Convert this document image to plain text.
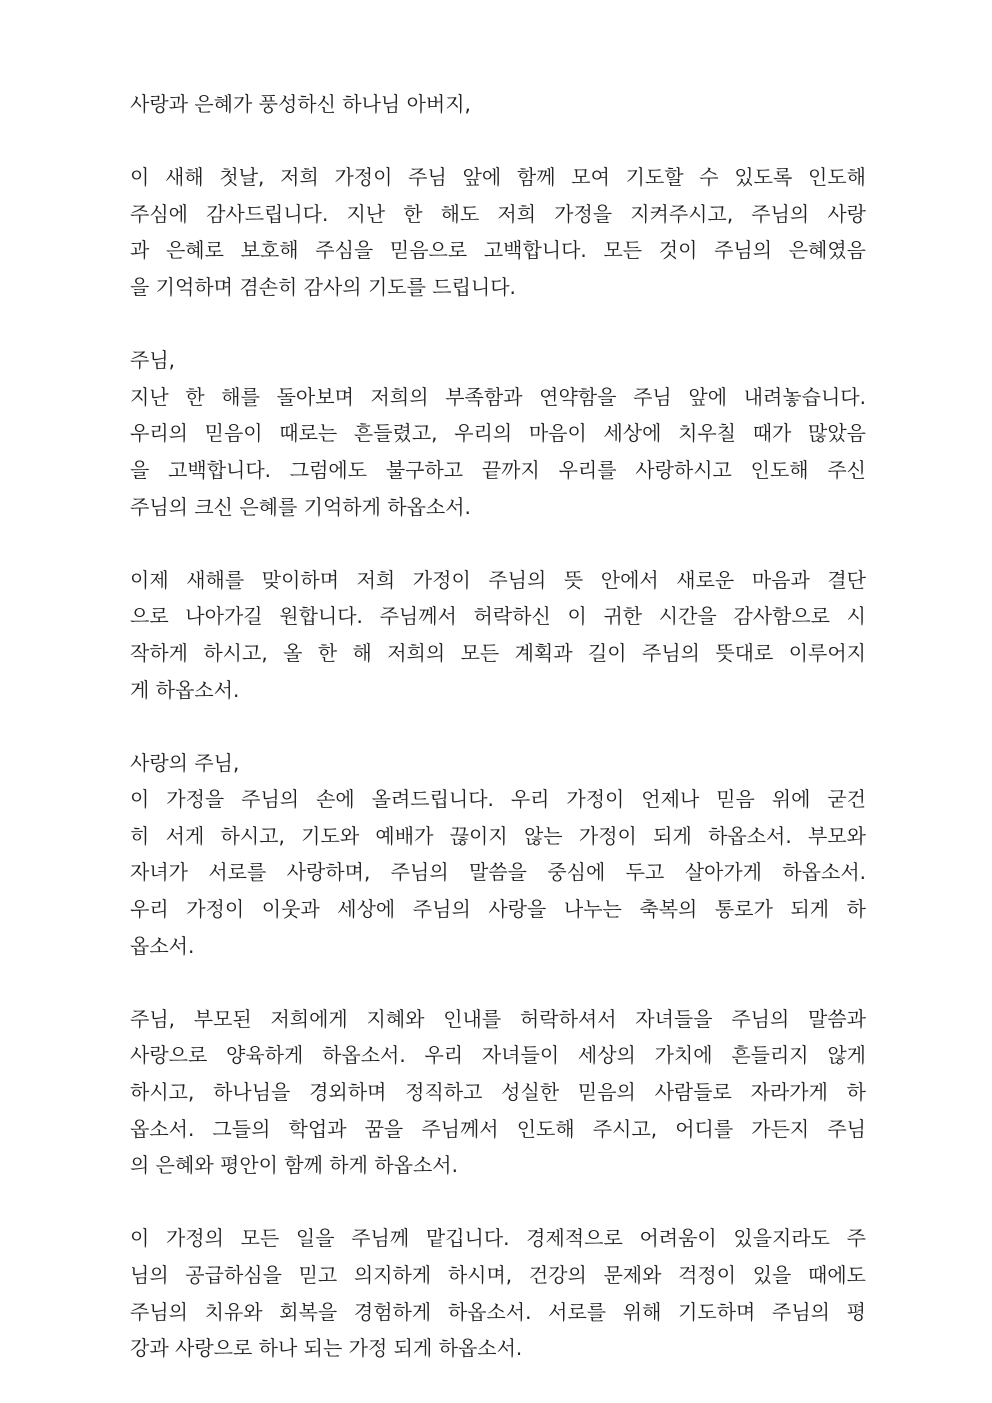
사랑과 은혜가 풍성하신 하나님 아버지,
이 새해 첫날, 저희 가정이 주님 앞에 함께 모여 기도할 수 있도록 인도해
주심에 감사드립니다. 지난 한 해도 저희 가정을 지켜주시고, 주님의 사랑
과 은혜로 보호해 주심을 믿음으로 고백합니다. 모든 것이 주님의 은혜였음
을 기억하며 겸손히 감사의 기도를 드립니다.
주님,
지난 한 해를 돌아보며 저희의 부족함과 연약함을 주님 앞에 내려놓습니다.
우리의 믿음이 때로는 흔들렸고, 우리의 마음이 세상에 치우칠 때가 많았음
을 고백합니다. 그럼에도 불구하고 끝까지 우리를 사랑하시고 인도해 주신
주님의 크신 은혜를 기억하게 하옵소서.
이제 새해를 맞이하며 저희 가정이 주님의 뜻 안에서 새로운 마음과 결단
으로 나아가길 원합니다. 주님께서 허락하신 이 귀한 시간을 감사함으로 시
작하게 하시고, 올 한 해 저희의 모든 계획과 길이 주님의 뜻대로 이루어지
게 하옵소서.
사랑의 주님,
이 가정을 주님의 손에 올려드립니다. 우리 가정이 언제나 믿음 위에 굳건
히 서게 하시고, 기도와 예배가 끊이지 않는 가정이 되게 하옵소서. 부모와
자녀가 서로를 사랑하며, 주님의 말씀을 중심에 두고 살아가게 하옵소서.
우리 가정이 이웃과 세상에 주님의 사랑을 나누는 축복의 통로가 되게 하
옵소서.
주님, 부모된 저희에게 지혜와 인내를 허락하셔서 자녀들을 주님의 말씀과
사랑으로 양육하게 하옵소서. 우리 자녀들이 세상의 가치에 흔들리지 않게
하시고, 하나님을 경외하며 정직하고 성실한 믿음의 사람들로 자라가게 하
옵소서. 그들의 학업과 꿈을 주님께서 인도해 주시고, 어디를 가든지 주님
의 은혜와 평안이 함께 하게 하옵소서.
이 가정의 모든 일을 주님께 맡깁니다. 경제적으로 어려움이 있을지라도 주
님의 공급하심을 믿고 의지하게 하시며, 건강의 문제와 걱정이 있을 때에도
주님의 치유와 회복을 경험하게 하옵소서. 서로를 위해 기도하며 주님의 평
강과 사랑으로 하나 되는 가정 되게 하옵소서.
